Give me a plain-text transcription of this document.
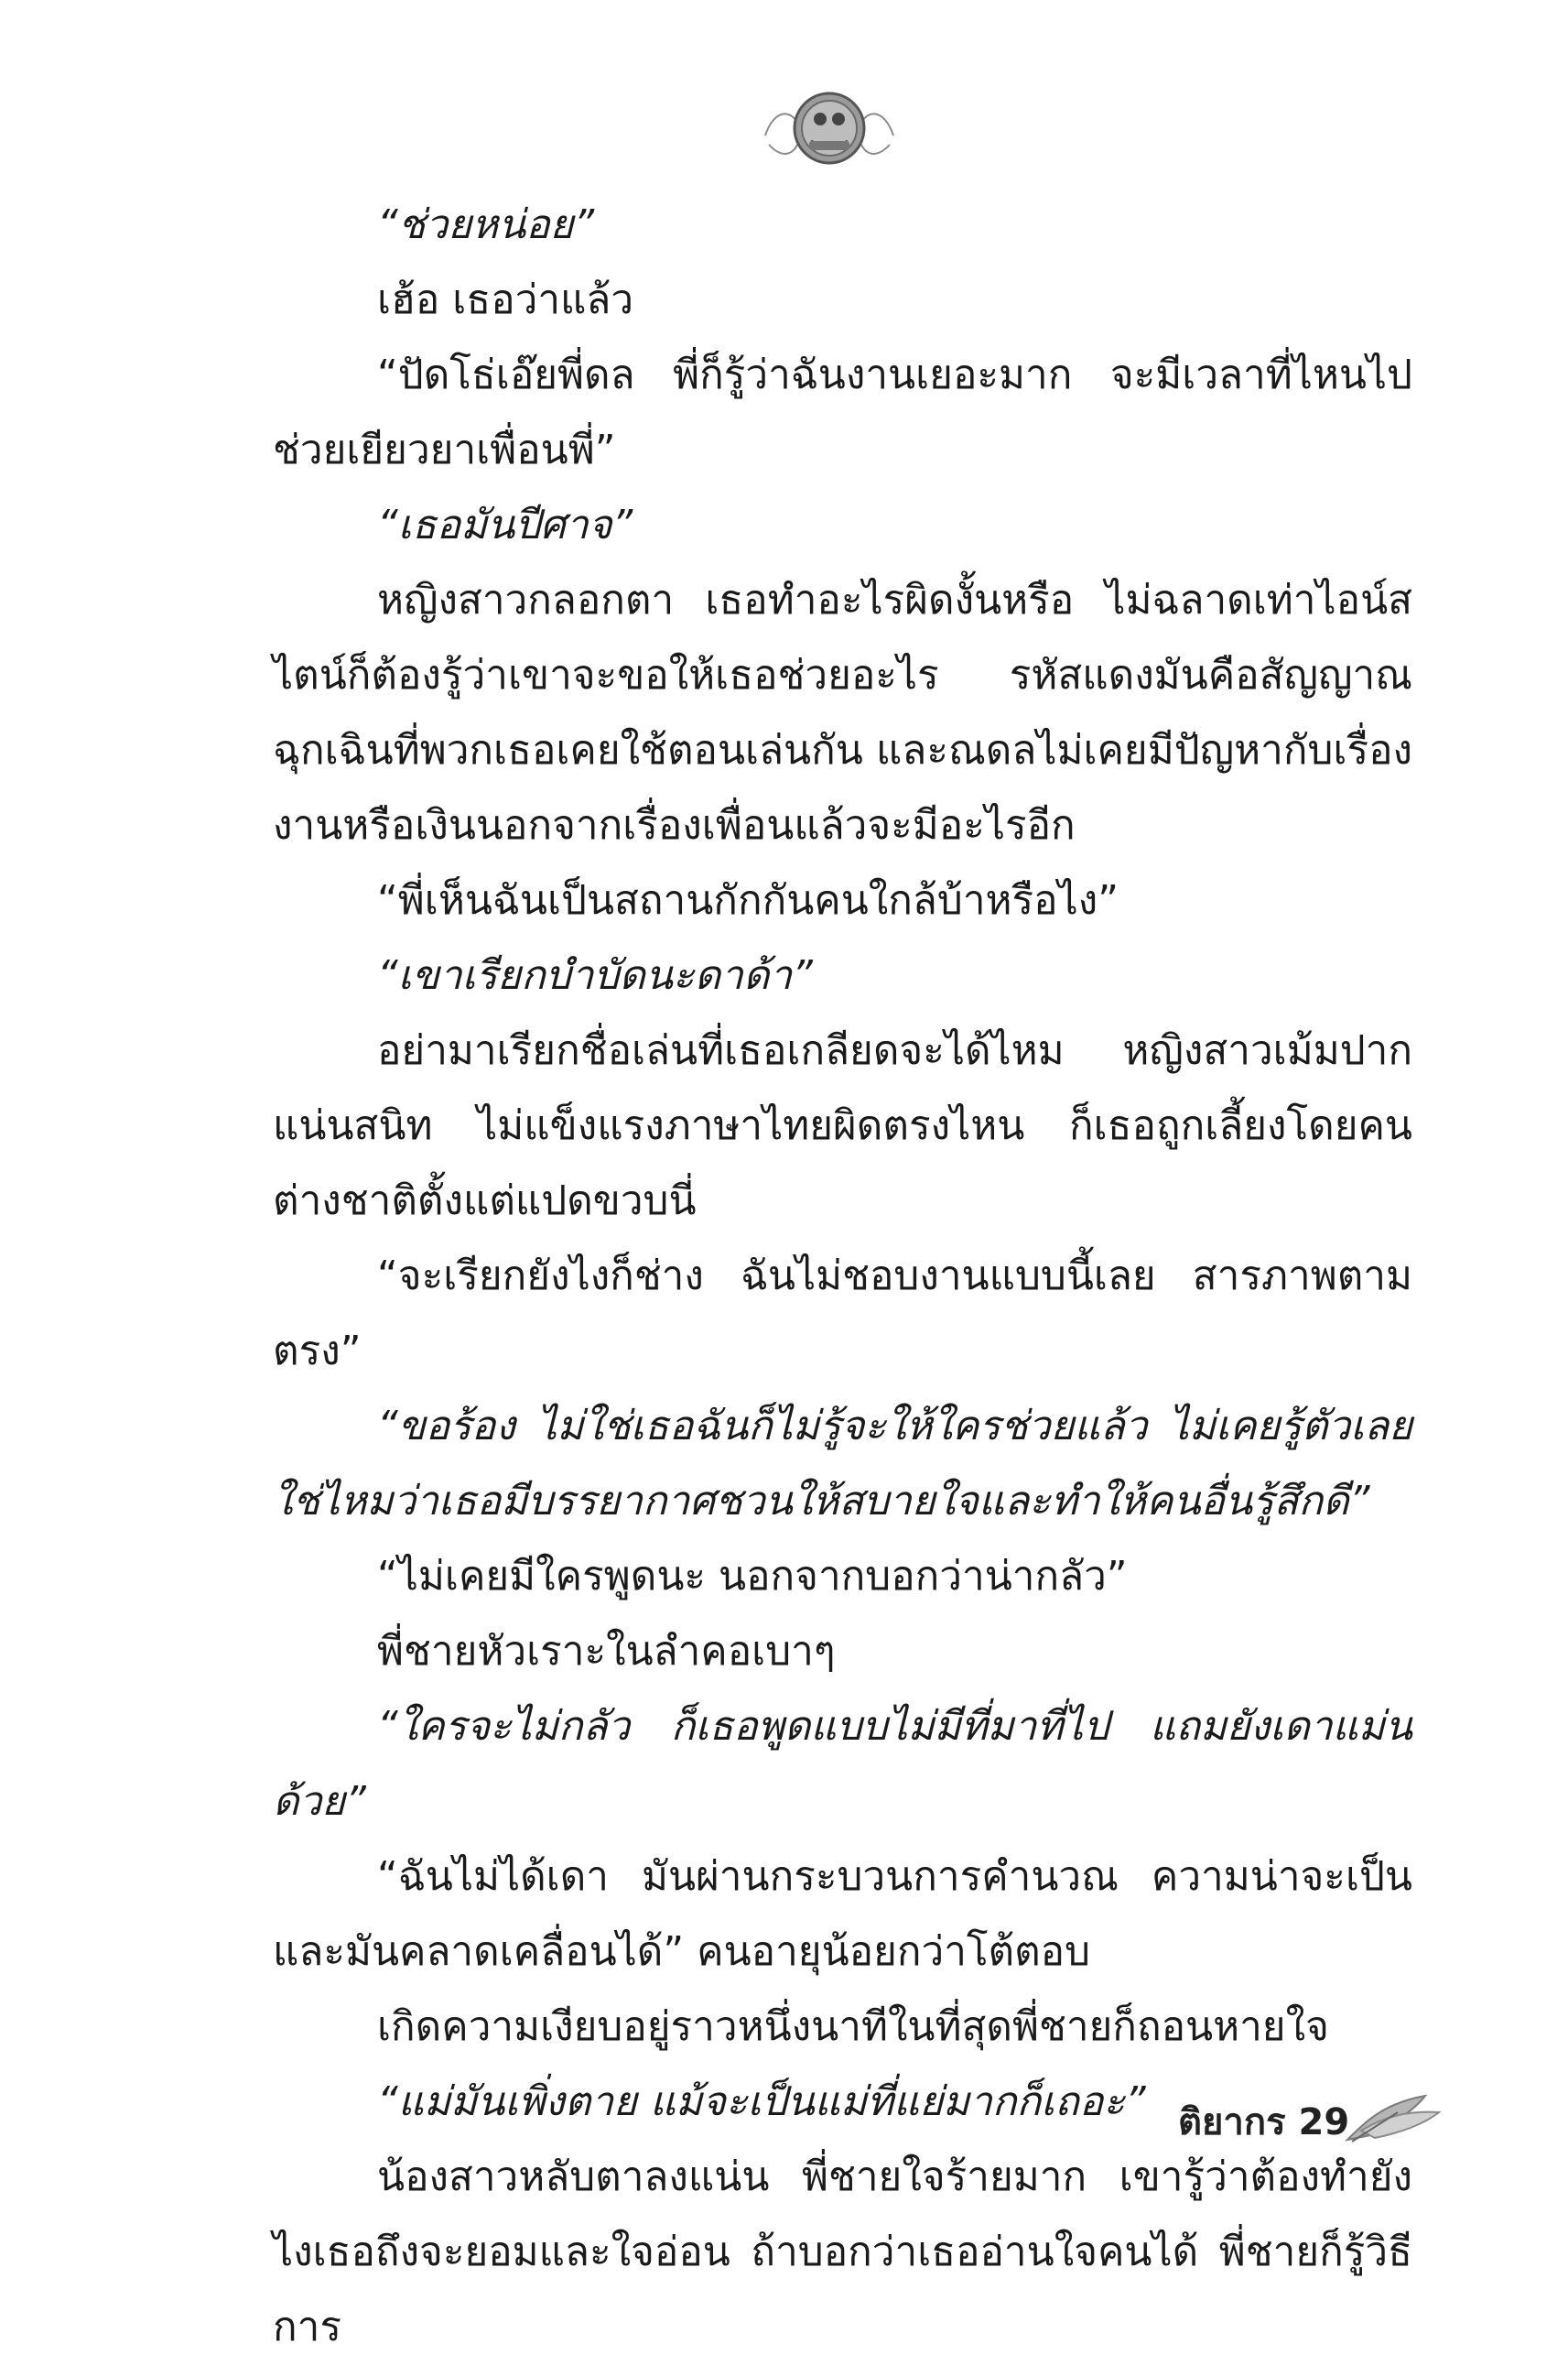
“ช่วยหน่อย”

เฮ้อ เธอว่าแล้ว

“ปัดโธ่เอ๊ยพี่ดล พี่ก็รู้ว่าฉันงานเยอะมาก จะมีเวลาที่ไหนไปช่วยเยียวยาเพื่อนพี่”

“เธอมันปีศาจ”

หญิงสาวกลอกตา เธอทำอะไรผิดงั้นหรือ ไม่ฉลาดเท่าไอน์สไตน์ก็ต้องรู้ว่าเขาจะขอให้เธอช่วยอะไร รหัสแดงมันคือสัญญาณฉุกเฉินที่พวกเธอเคยใช้ตอนเล่นกัน และณดลไม่เคยมีปัญหากับเรื่องงานหรือเงินนอกจากเรื่องเพื่อนแล้วจะมีอะไรอีก

“พี่เห็นฉันเป็นสถานกักกันคนใกล้บ้าหรือไง”

“เขาเรียกบำบัดนะดาด้า”

อย่ามาเรียกชื่อเล่นที่เธอเกลียดจะได้ไหม หญิงสาวเม้มปากแน่นสนิท ไม่แข็งแรงภาษาไทยผิดตรงไหน ก็เธอถูกเลี้ยงโดยคนต่างชาติตั้งแต่แปดขวบนี่

“จะเรียกยังไงก็ช่าง ฉันไม่ชอบงานแบบนี้เลย สารภาพตามตรง”

“ขอร้อง ไม่ใช่เธอฉันก็ไม่รู้จะให้ใครช่วยแล้ว ไม่เคยรู้ตัวเลยใช่ไหมว่าเธอมีบรรยากาศชวนให้สบายใจและทำให้คนอื่นรู้สึกดี”

“ไม่เคยมีใครพูดนะ นอกจากบอกว่าน่ากลัว”

พี่ชายหัวเราะในลำคอเบาๆ

“ใครจะไม่กลัว ก็เธอพูดแบบไม่มีที่มาที่ไป แถมยังเดาแม่นด้วย”

“ฉันไม่ได้เดา มันผ่านกระบวนการคำนวณ ความน่าจะเป็น และมันคลาดเคลื่อนได้” คนอายุน้อยกว่าโต้ตอบ

เกิดความเงียบอยู่ราวหนึ่งนาทีในที่สุดพี่ชายก็ถอนหายใจ

“แม่มันเพิ่งตาย แม้จะเป็นแม่ที่แย่มากก็เถอะ”

น้องสาวหลับตาลงแน่น พี่ชายใจร้ายมาก เขารู้ว่าต้องทำยังไงเธอถึงจะยอมและใจอ่อน ถ้าบอกว่าเธออ่านใจคนได้ พี่ชายก็รู้วิธีการ

ติยากร 29
